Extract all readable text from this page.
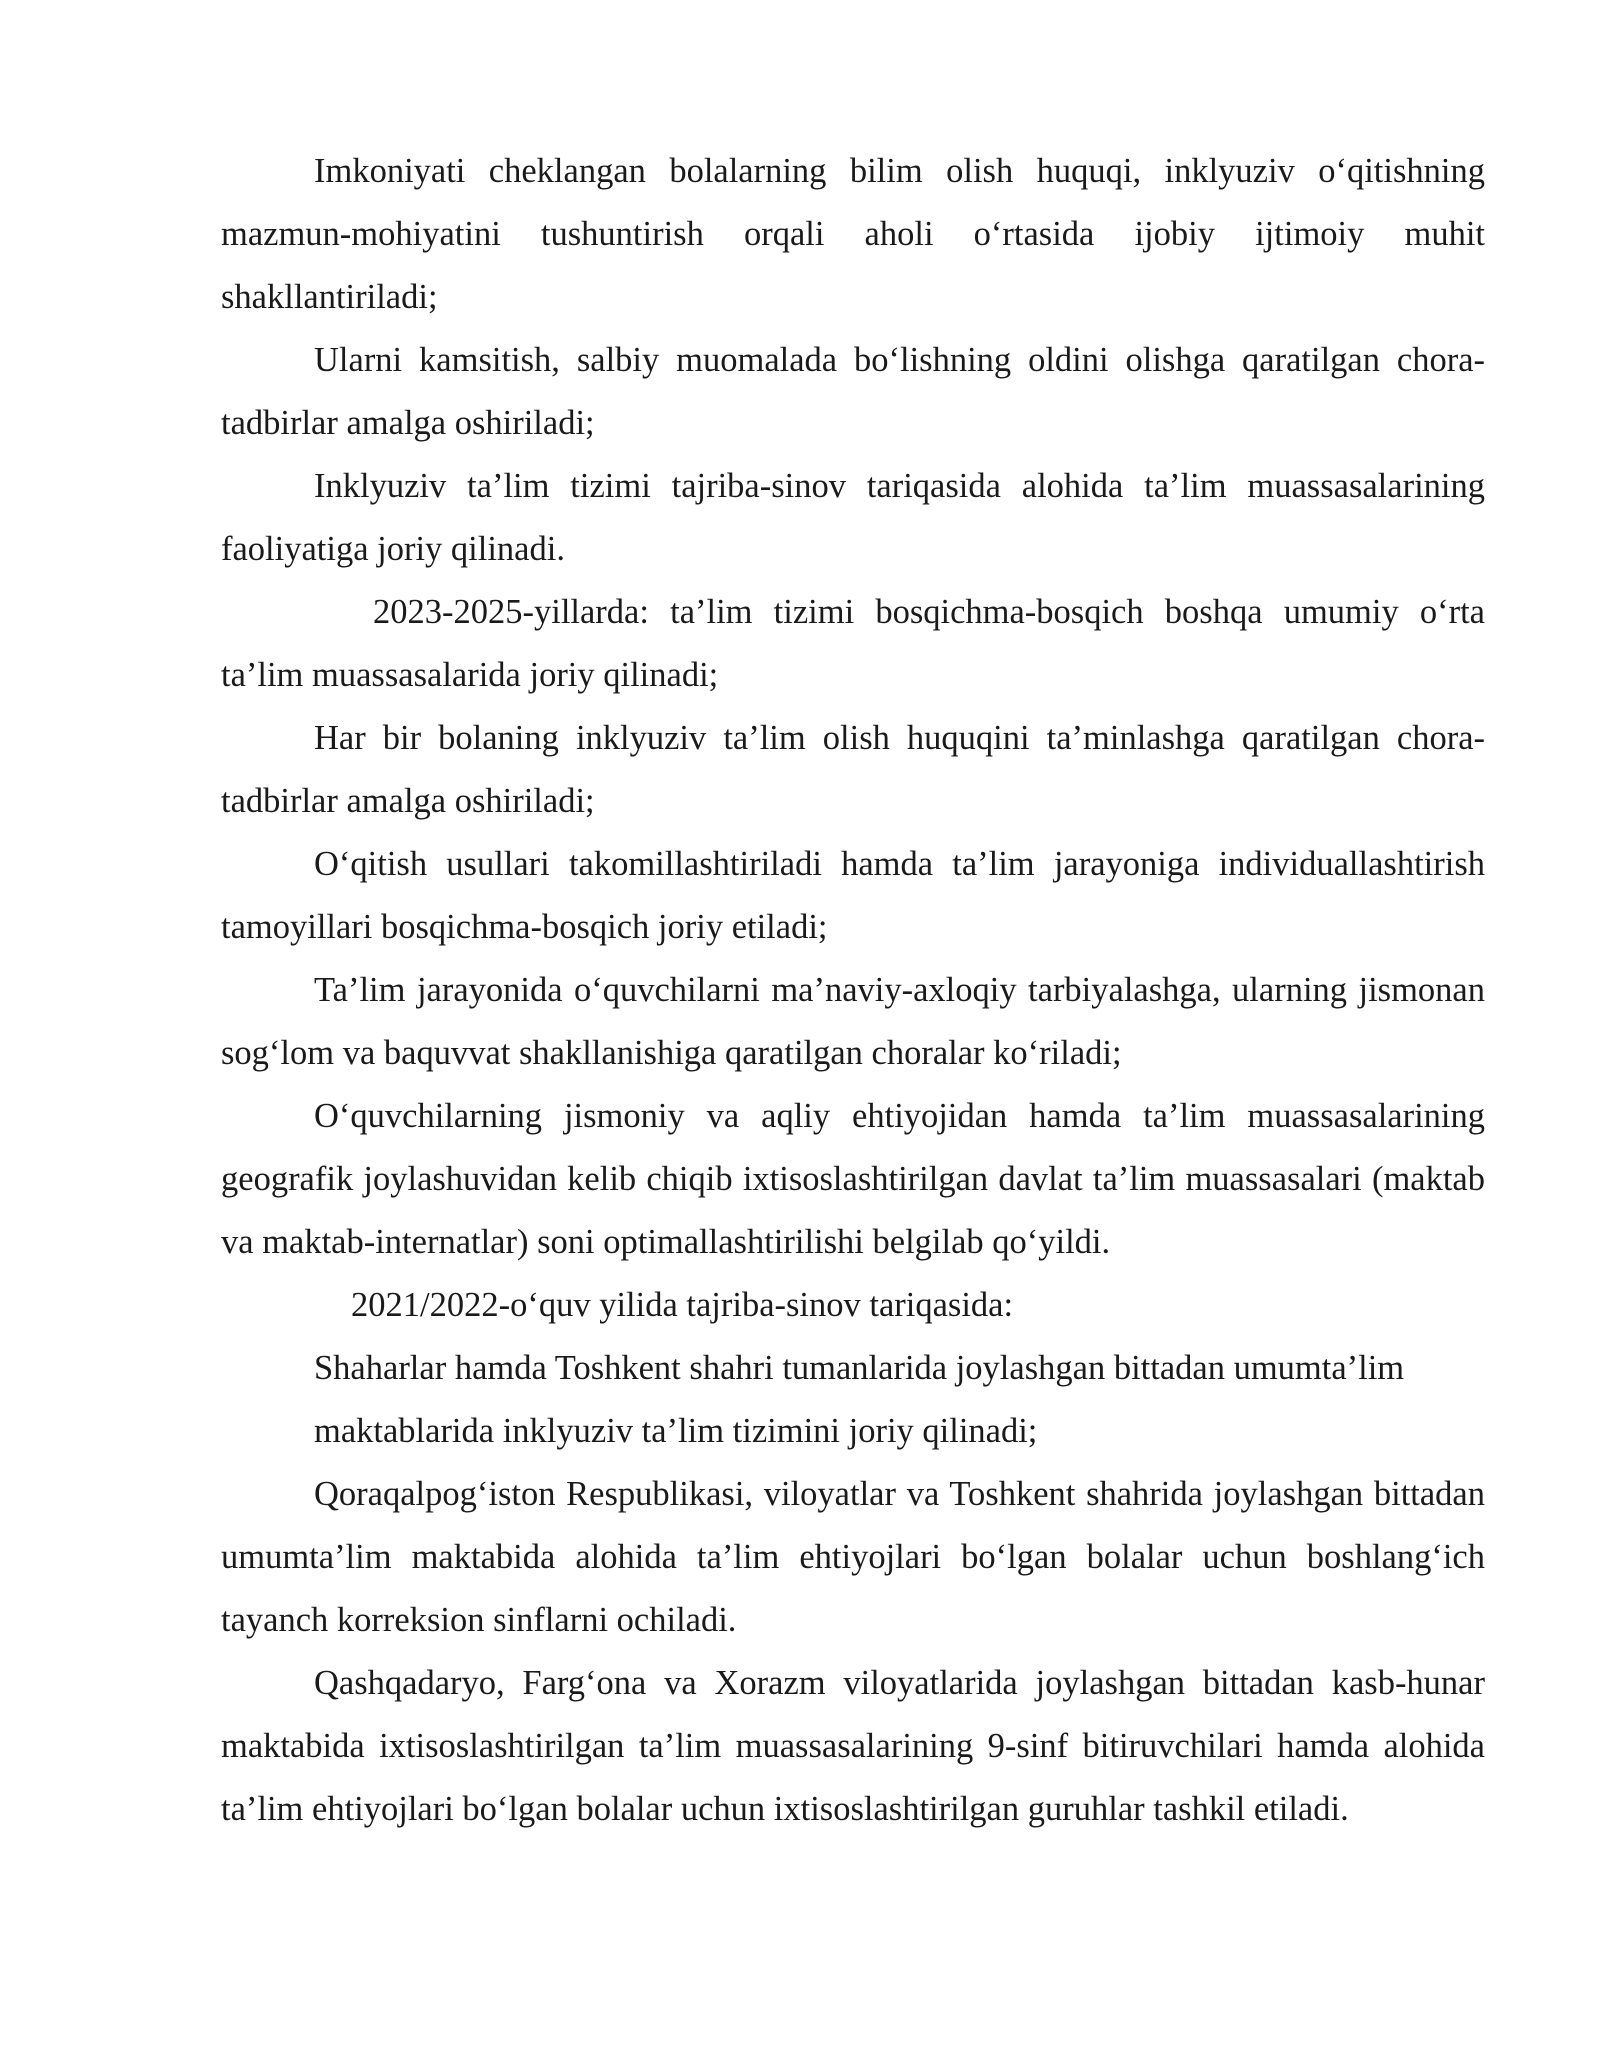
Imkoniyati cheklangan bolalarning bilim olish huquqi, inklyuziv o‘qitishning mazmun-mohiyatini tushuntirish orqali aholi o‘rtasida ijobiy ijtimoiy muhit shakllantiriladi;

Ularni kamsitish, salbiy muomalada bo‘lishning oldini olishga qaratilgan chora-tadbirlar amalga oshiriladi;

Inklyuziv ta’lim tizimi tajriba-sinov tariqasida alohida ta’lim muassasalarining faoliyatiga joriy qilinadi.

2023-2025-yillarda: ta’lim tizimi bosqichma-bosqich boshqa umumiy o‘rta ta’lim muassasalarida joriy qilinadi;

Har bir bolaning inklyuziv ta’lim olish huquqini ta’minlashga qaratilgan chora-tadbirlar amalga oshiriladi;

O‘qitish usullari takomillashtiriladi hamda ta’lim jarayoniga individuallashtirish tamoyillari bosqichma-bosqich joriy etiladi;

Ta’lim jarayonida o‘quvchilarni ma’naviy-axloqiy tarbiyalashga, ularning jismonan sog‘lom va baquvvat shakllanishiga qaratilgan choralar ko‘riladi;

O‘quvchilarning jismoniy va aqliy ehtiyojidan hamda ta’lim muassasalarining geografik joylashuvidan kelib chiqib ixtisoslashtirilgan davlat ta’lim muassasalari (maktab va maktab-internatlar) soni optimallashtirilishi belgilab qo‘yildi.

2021/2022-o‘quv yilida tajriba-sinov tariqasida:

Shaharlar hamda Toshkent shahri tumanlarida joylashgan bittadan umumta’lim maktablarida inklyuziv ta’lim tizimini joriy qilinadi;

Qoraqalpog‘iston Respublikasi, viloyatlar va Toshkent shahrida joylashgan bittadan umumta’lim maktabida alohida ta’lim ehtiyojlari bo‘lgan bolalar uchun boshlang‘ich tayanch korreksion sinflarni ochiladi.

Qashqadaryo, Farg‘ona va Xorazm viloyatlarida joylashgan bittadan kasb-hunar maktabida ixtisoslashtirilgan ta’lim muassasalarining 9-sinf bitiruvchilari hamda alohida ta’lim ehtiyojlari bo‘lgan bolalar uchun ixtisoslashtirilgan guruhlar tashkil etiladi.
